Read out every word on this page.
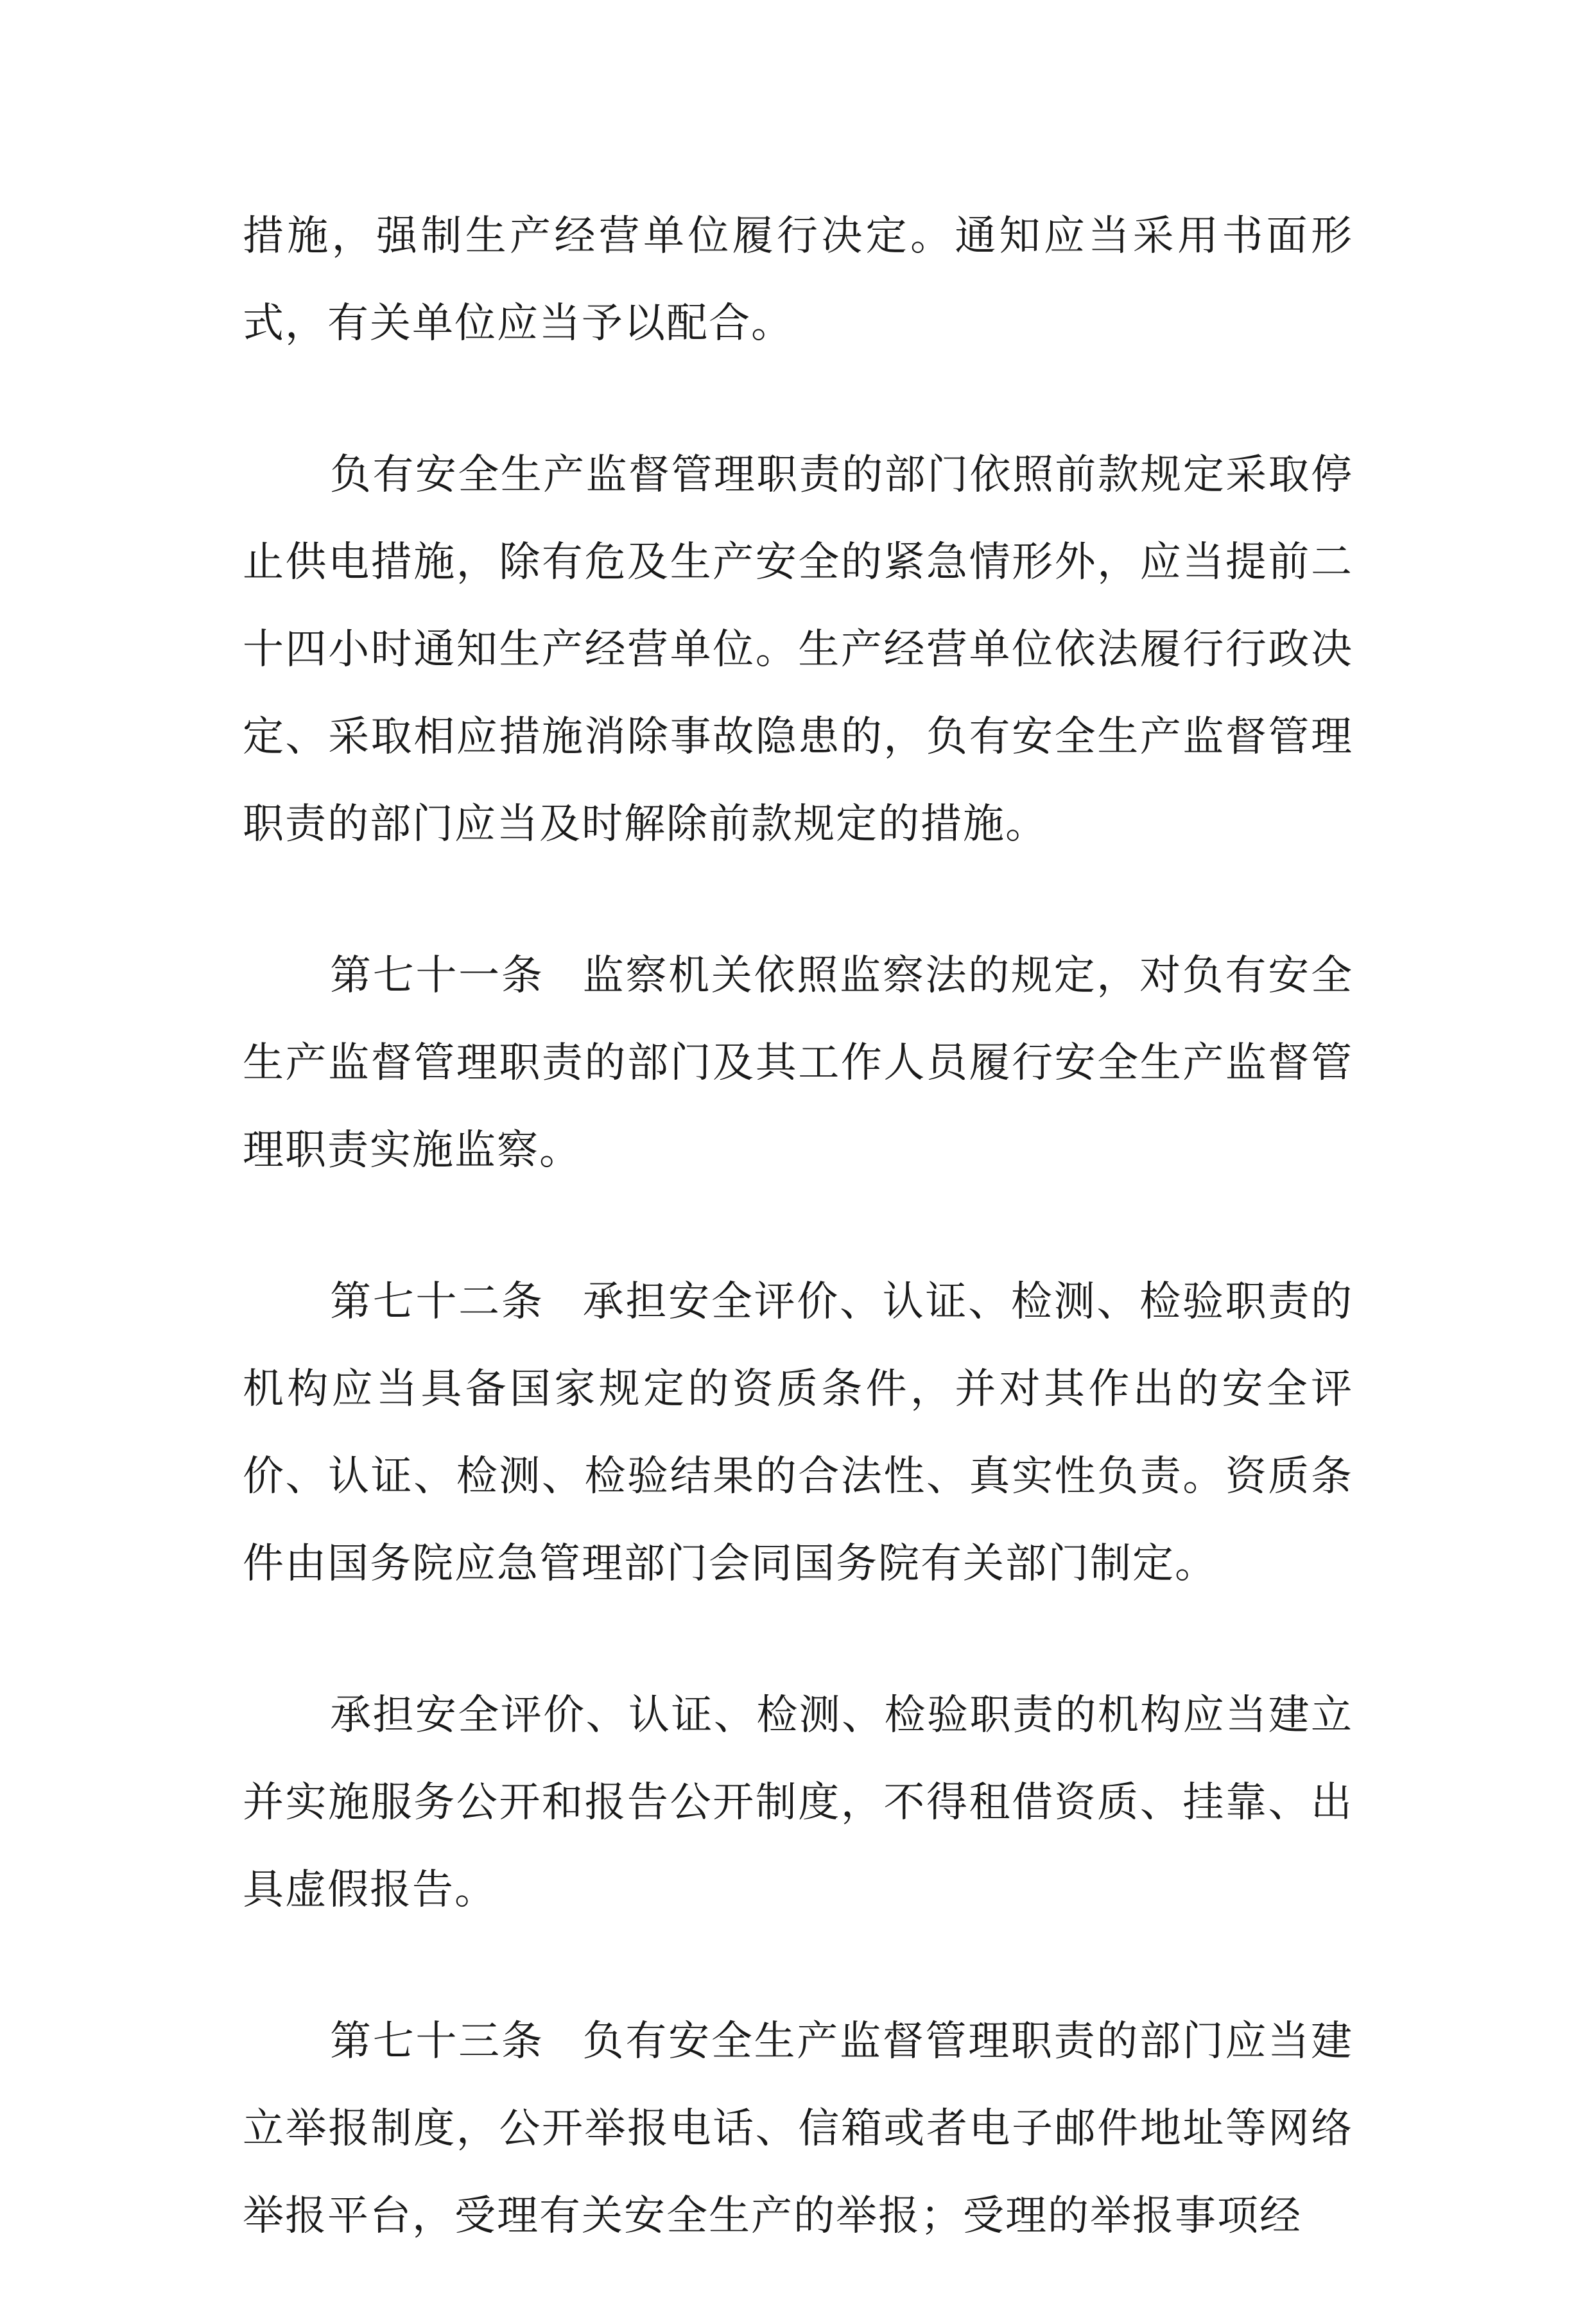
措施，强制生产经营单位履行决定。通知应当采用书面形式，有关单位应当予以配合。

负有安全生产监督管理职责的部门依照前款规定采取停止供电措施，除有危及生产安全的紧急情形外，应当提前二十四小时通知生产经营单位。生产经营单位依法履行行政决定、采取相应措施消除事故隐患的，负有安全生产监督管理职责的部门应当及时解除前款规定的措施。

第七十一条 监察机关依照监察法的规定，对负有安全生产监督管理职责的部门及其工作人员履行安全生产监督管理职责实施监察。

第七十二条 承担安全评价、认证、检测、检验职责的机构应当具备国家规定的资质条件，并对其作出的安全评价、认证、检测、检验结果的合法性、真实性负责。资质条件由国务院应急管理部门会同国务院有关部门制定。

承担安全评价、认证、检测、检验职责的机构应当建立并实施服务公开和报告公开制度，不得租借资质、挂靠、出具虚假报告。

第七十三条 负有安全生产监督管理职责的部门应当建立举报制度，公开举报电话、信箱或者电子邮件地址等网络举报平台，受理有关安全生产的举报；受理的举报事项经
